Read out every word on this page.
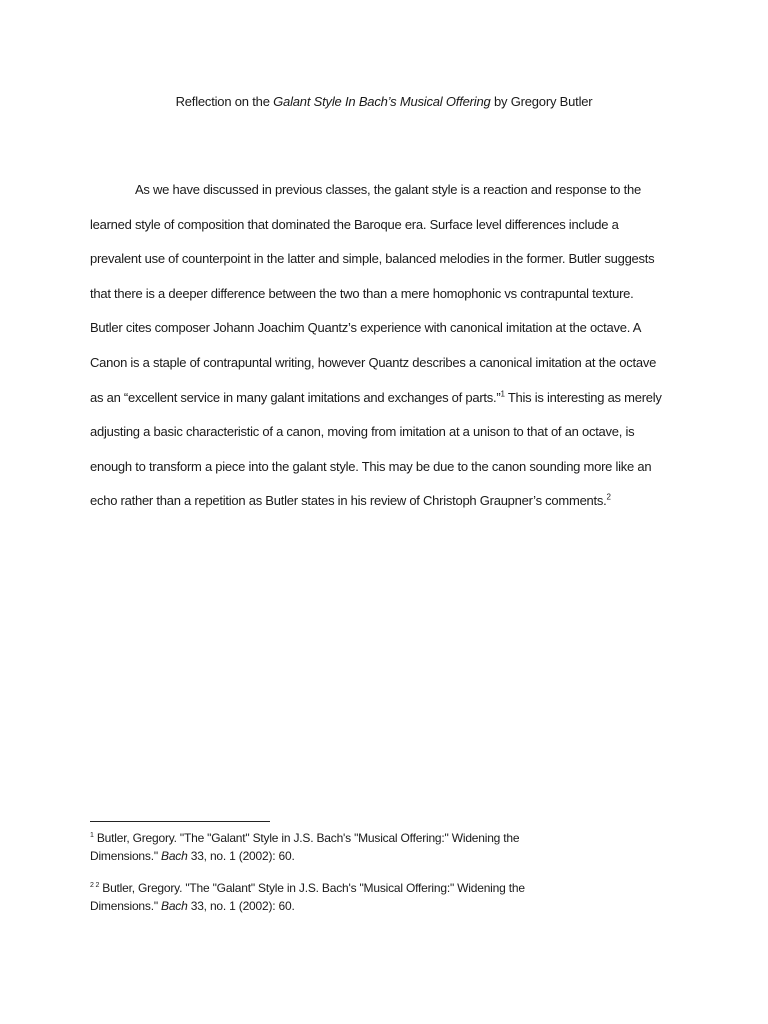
Reflection on the Galant Style In Bach’s Musical Offering by Gregory Butler
As we have discussed in previous classes, the galant style is a reaction and response to the
learned style of composition that dominated the Baroque era. Surface level differences include a
prevalent use of counterpoint in the latter and simple, balanced melodies in the former. Butler suggests
that there is a deeper difference between the two than a mere homophonic vs contrapuntal texture.
Butler cites composer Johann Joachim Quantz’s experience with canonical imitation at the octave. A
Canon is a staple of contrapuntal writing, however Quantz describes a canonical imitation at the octave
as an “excellent service in many galant imitations and exchanges of parts.”$^1$ This is interesting as merely
adjusting a basic characteristic of a canon, moving from imitation at a unison to that of an octave, is
enough to transform a piece into the galant style. This may be due to the canon sounding more like an
echo rather than a repetition as Butler states in his review of Christoph Graupner’s comments.$^2$
$^1$ Butler, Gregory. "The "Galant" Style in J.S. Bach's "Musical Offering:" Widening the
Dimensions." Bach 33, no. 1 (2002): 60.
$^{2 2}$ Butler, Gregory. "The "Galant" Style in J.S. Bach's "Musical Offering:" Widening the
Dimensions." Bach 33, no. 1 (2002): 60.
